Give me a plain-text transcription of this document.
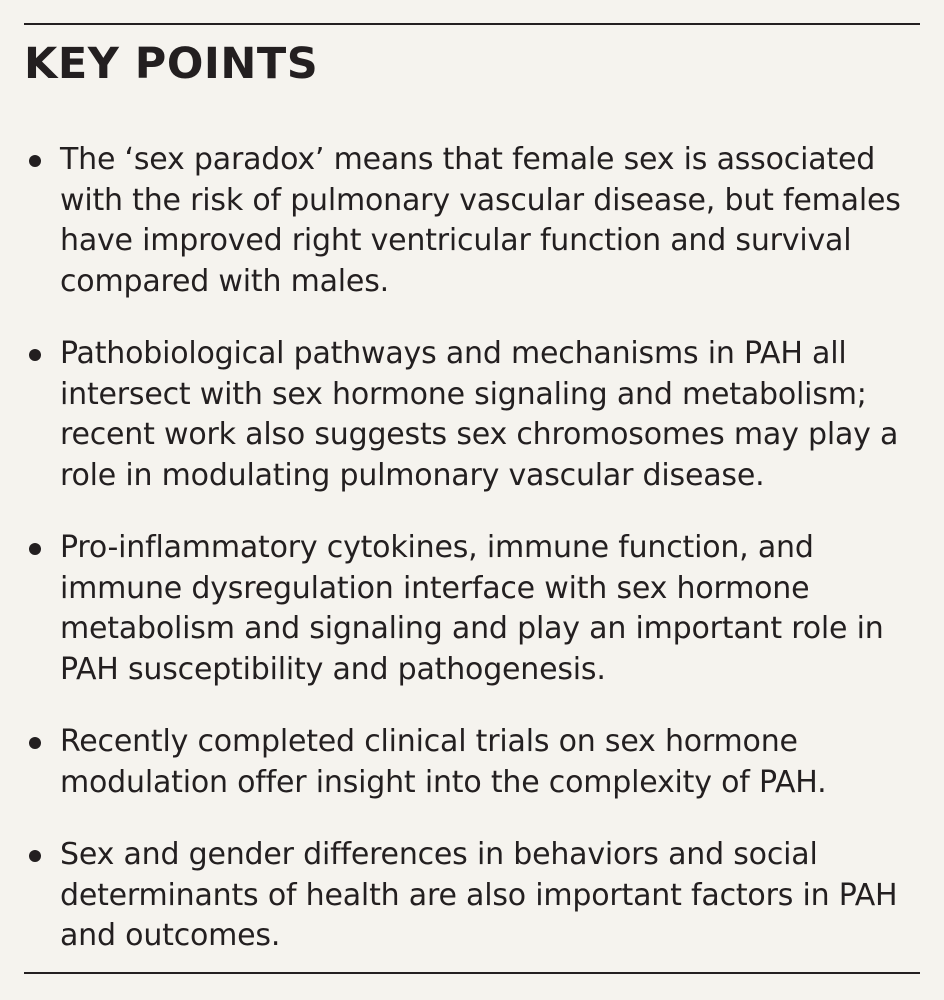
KEY POINTS
The ‘sex paradox’ means that female sex is associated with the risk of pulmonary vascular disease, but females have improved right ventricular function and survival compared with males.
Pathobiological pathways and mechanisms in PAH all intersect with sex hormone signaling and metabolism; recent work also suggests sex chromosomes may play a role in modulating pulmonary vascular disease.
Pro-inflammatory cytokines, immune function, and immune dysregulation interface with sex hormone metabolism and signaling and play an important role in PAH susceptibility and pathogenesis.
Recently completed clinical trials on sex hormone modulation offer insight into the complexity of PAH.
Sex and gender differences in behaviors and social determinants of health are also important factors in PAH and outcomes.
